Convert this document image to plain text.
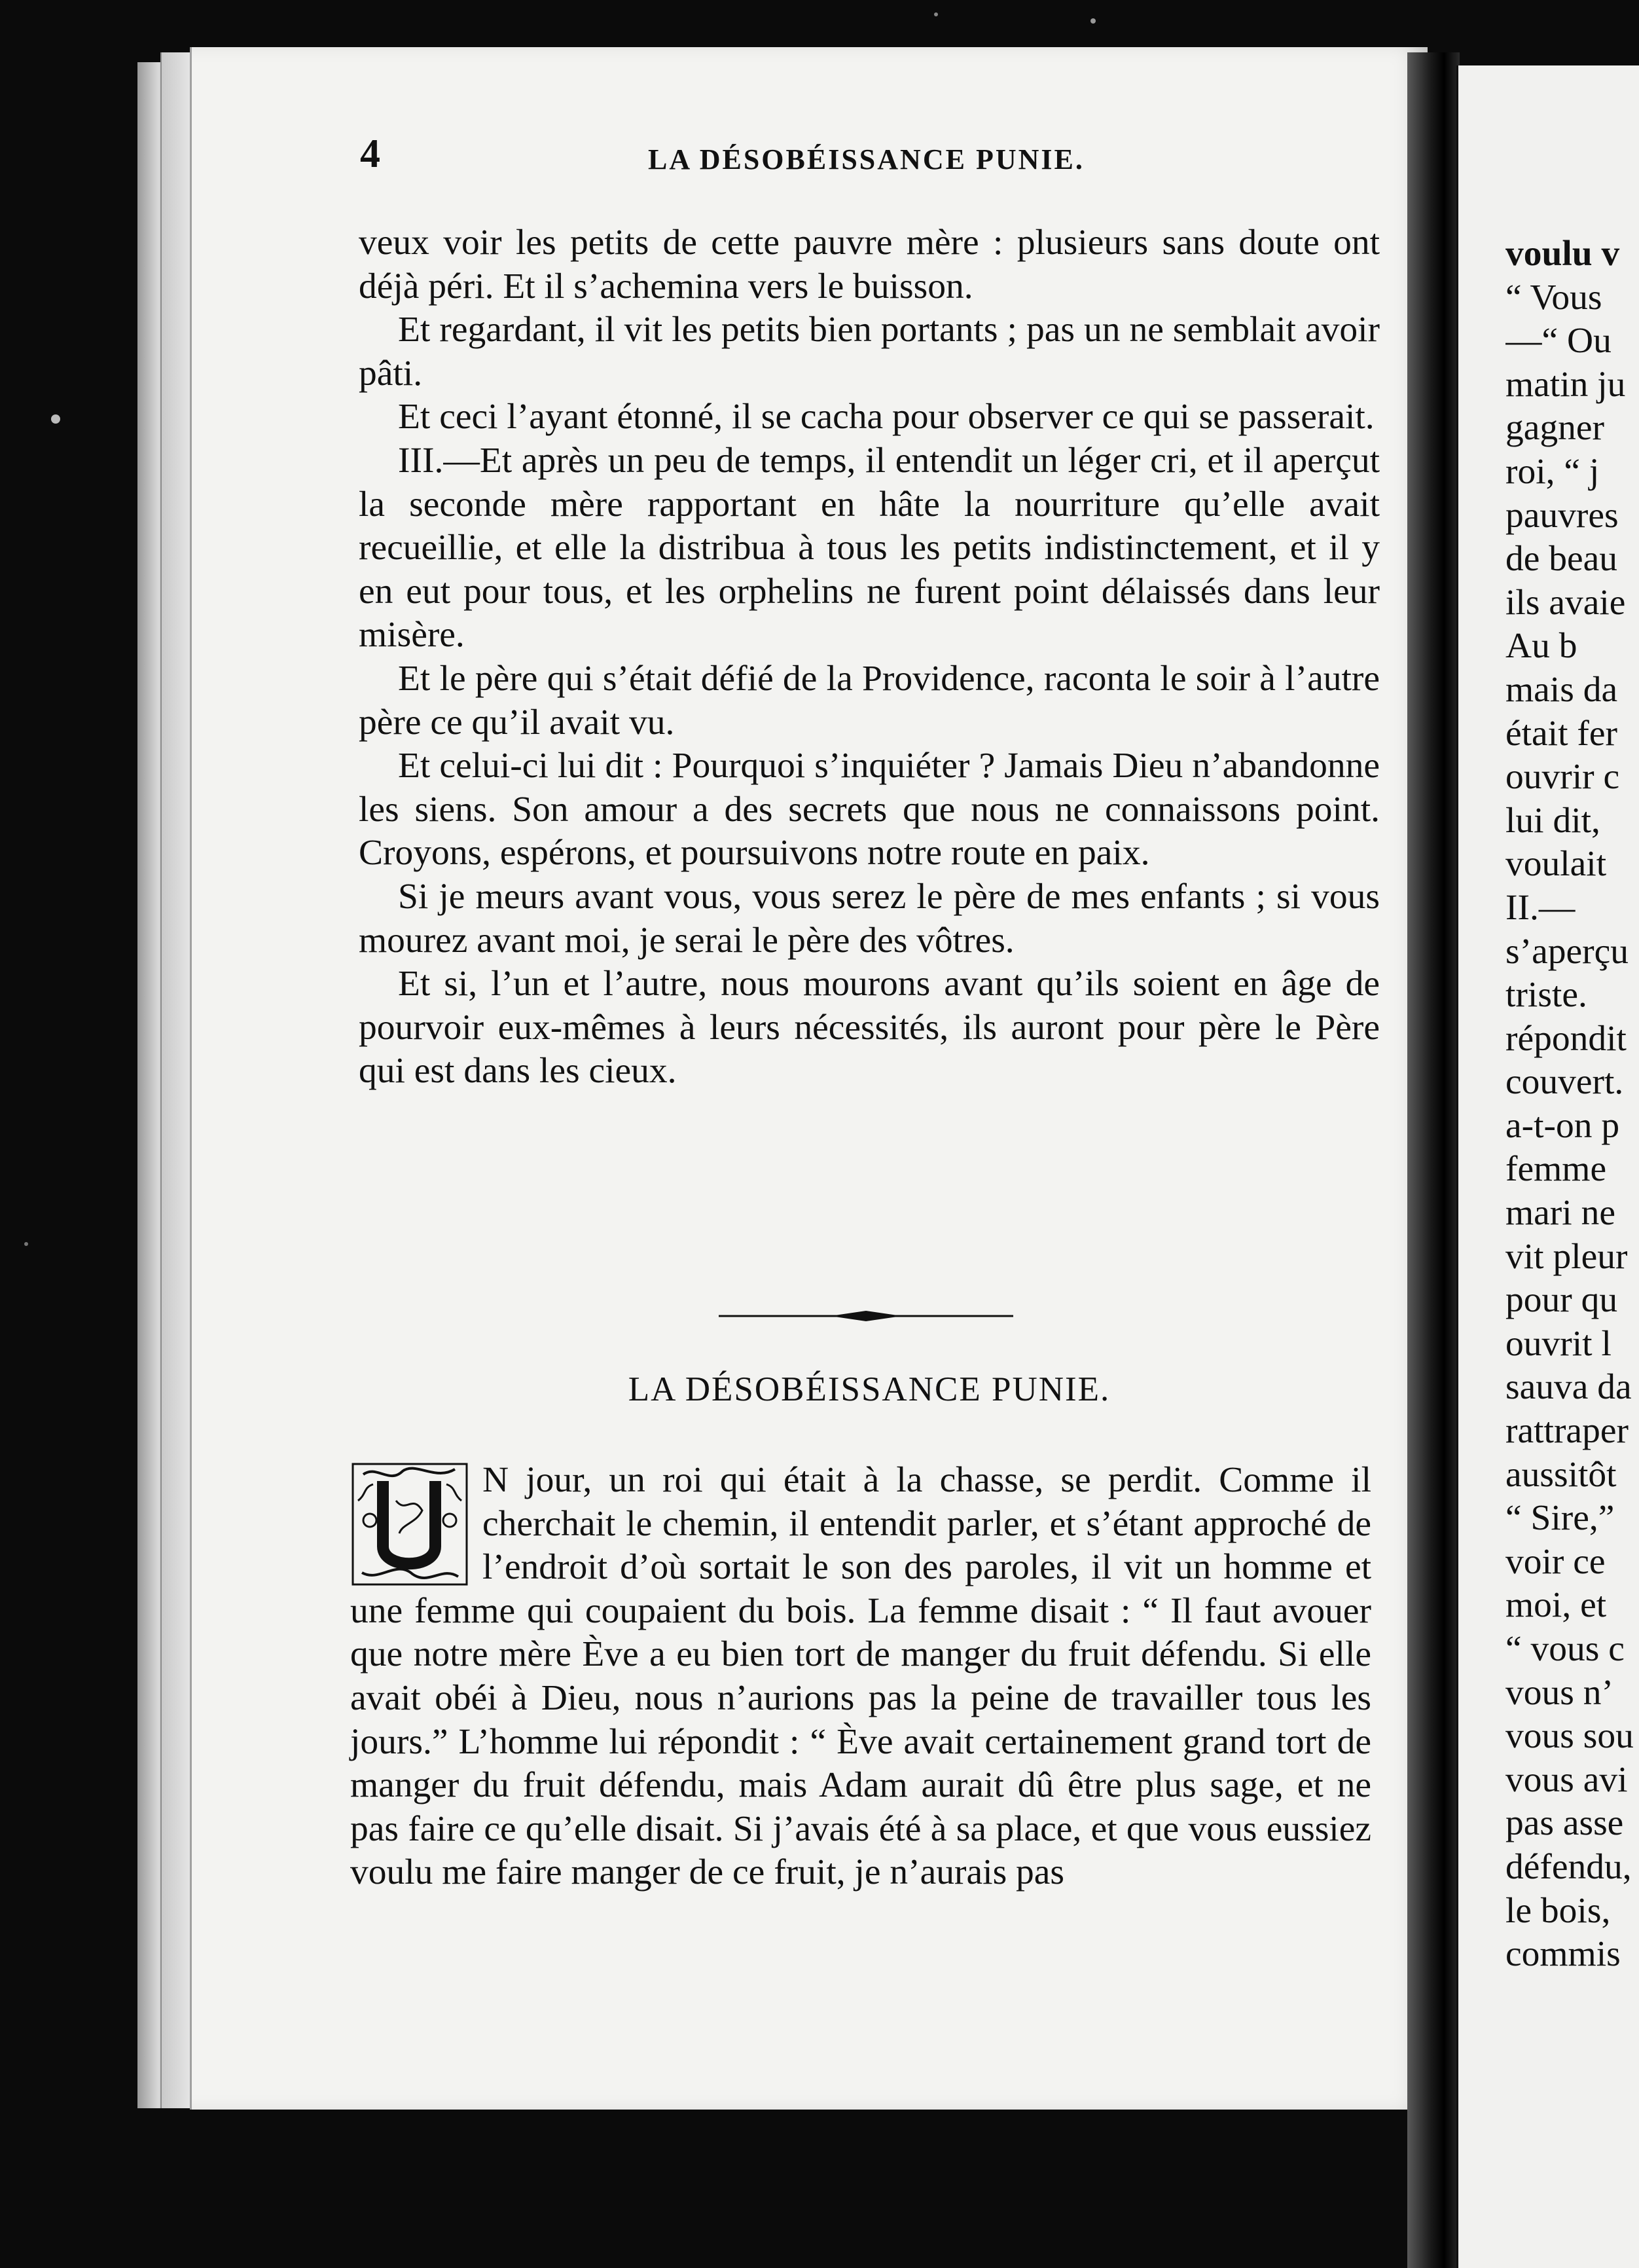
4	LA DÉSOBÉISSANCE PUNIE.

veux voir les petits de cette pauvre mère : plusieurs sans doute ont déjà péri. Et il s’achemina vers le buisson.

Et regardant, il vit les petits bien portants ; pas un ne semblait avoir pâti.

Et ceci l’ayant étonné, il se cacha pour observer ce qui se passerait.

III.—Et après un peu de temps, il entendit un léger cri, et il aperçut la seconde mère rapportant en hâte la nourriture qu’elle avait recueillie, et elle la distribua à tous les petits indistinctement, et il y en eut pour tous, et les orphelins ne furent point délaissés dans leur misère.

Et le père qui s’était défié de la Providence, raconta le soir à l’autre père ce qu’il avait vu.

Et celui-ci lui dit : Pourquoi s’inquiéter ? Jamais Dieu n’abandonne les siens. Son amour a des secrets que nous ne connaissons point. Croyons, espérons, et poursuivons notre route en paix.

Si je meurs avant vous, vous serez le père de mes enfants ; si vous mourez avant moi, je serai le père des vôtres.

Et si, l’un et l’autre, nous mourons avant qu’ils soient en âge de pourvoir eux-mêmes à leurs nécessités, ils auront pour père le Père qui est dans les cieux.

LA DÉSOBÉISSANCE PUNIE.

N jour, un roi qui était à la chasse, se perdit. Comme il cherchait le chemin, il entendit parler, et s’étant approché de l’endroit d’où sortait le son des paroles, il vit un homme et une femme qui coupaient du bois. La femme disait : “ Il faut avouer que notre mère Ève a eu bien tort de manger du fruit défendu. Si elle avait obéi à Dieu, nous n’aurions pas la peine de travailler tous les jours.” L’homme lui répondit : “ Ève avait certainement grand tort de manger du fruit défendu, mais Adam aurait dû être plus sage, et ne pas faire ce qu’elle disait. Si j’avais été à sa place, et que vous eussiez voulu me faire manger de ce fruit, je n’aurais pas

voulu v
“ Vous
—“ Ou
matin ju
gagner
roi, “ j
pauvres
de beau
ils avaie
Au b
mais da
était fer
ouvrir c
lui dit,
voulait
II.—
s’aperçu
triste.
répondit
couvert.
a-t-on p
femme
mari ne
vit pleur
pour qu
ouvrit l
sauva da
rattraper
aussitôt
“ Sire,”
voir ce
moi, et
“ vous c
vous n’
vous sou
vous avi
pas asse
défendu,
le bois,
commis
